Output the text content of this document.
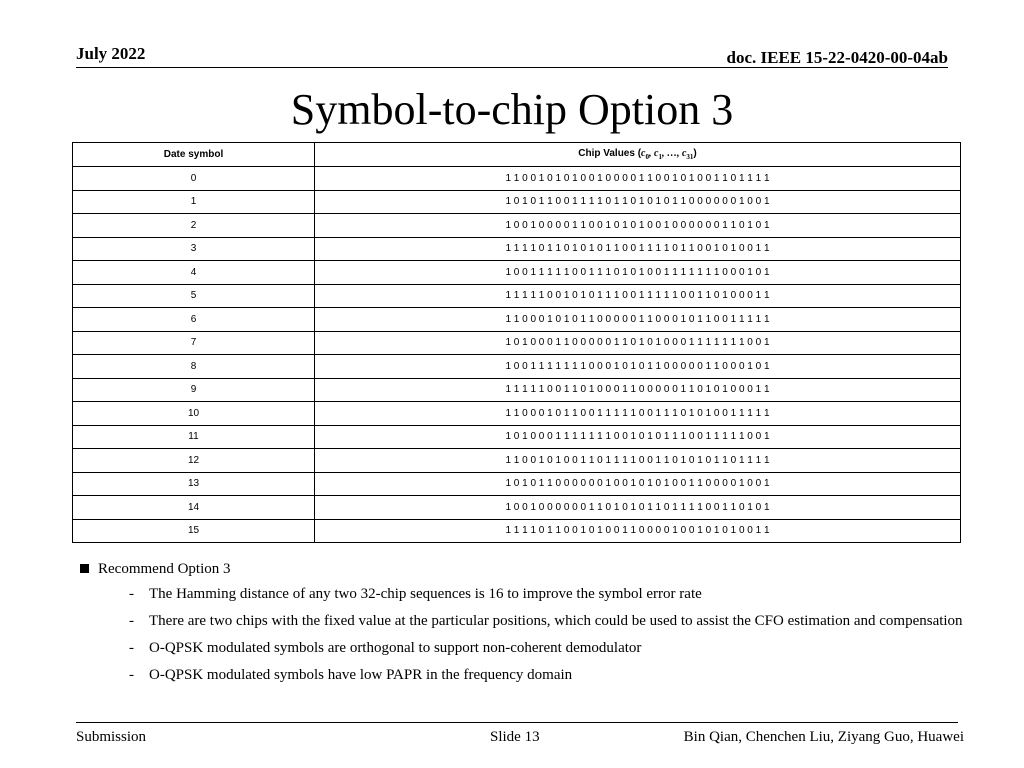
July 2022	doc. IEEE 15-22-0420-00-04ab
Symbol-to-chip Option 3
Date symbol	Chip Values ($c_0$, $c_1$, …, $c_{31}$)
0	1 1 0 0 1 0 1 0 1 0 0 1 0 0 0 0 1 1 0 0 1 0 1 0 0 1 1 0 1 1 1 1
1	1 0 1 0 1 1 0 0 1 1 1 1 0 1 1 0 1 0 1 0 1 1 0 0 0 0 0 0 1 0 0 1
2	1 0 0 1 0 0 0 0 1 1 0 0 1 0 1 0 1 0 0 1 0 0 0 0 0 0 1 1 0 1 0 1
3	1 1 1 1 0 1 1 0 1 0 1 0 1 1 0 0 1 1 1 1 0 1 1 0 0 1 0 1 0 0 1 1
4	1 0 0 1 1 1 1 1 0 0 1 1 1 0 1 0 1 0 0 1 1 1 1 1 1 1 0 0 0 1 0 1
5	1 1 1 1 1 0 0 1 0 1 0 1 1 1 0 0 1 1 1 1 1 0 0 1 1 0 1 0 0 0 1 1
6	1 1 0 0 0 1 0 1 0 1 1 0 0 0 0 0 1 1 0 0 0 1 0 1 1 0 0 1 1 1 1 1
7	1 0 1 0 0 0 1 1 0 0 0 0 0 1 1 0 1 0 1 0 0 0 1 1 1 1 1 1 1 0 0 1
8	1 0 0 1 1 1 1 1 1 1 0 0 0 1 0 1 0 1 1 0 0 0 0 0 1 1 0 0 0 1 0 1
9	1 1 1 1 1 0 0 1 1 0 1 0 0 0 1 1 0 0 0 0 0 1 1 0 1 0 1 0 0 0 1 1
10	1 1 0 0 0 1 0 1 1 0 0 1 1 1 1 1 0 0 1 1 1 0 1 0 1 0 0 1 1 1 1 1
11	1 0 1 0 0 0 1 1 1 1 1 1 1 0 0 1 0 1 0 1 1 1 0 0 1 1 1 1 1 0 0 1
12	1 1 0 0 1 0 1 0 0 1 1 0 1 1 1 1 0 0 1 1 0 1 0 1 0 1 1 0 1 1 1 1
13	1 0 1 0 1 1 0 0 0 0 0 0 1 0 0 1 0 1 0 1 0 0 1 1 0 0 0 0 1 0 0 1
14	1 0 0 1 0 0 0 0 0 0 1 1 0 1 0 1 0 1 1 0 1 1 1 1 0 0 1 1 0 1 0 1
15	1 1 1 1 0 1 1 0 0 1 0 1 0 0 1 1 0 0 0 0 1 0 0 1 0 1 0 1 0 0 1 1
Recommend Option 3
- The Hamming distance of any two 32-chip sequences is 16 to improve the symbol error rate
- There are two chips with the fixed value at the particular positions, which could be used to assist the CFO estimation and compensation
- O-QPSK modulated symbols are orthogonal to support non-coherent demodulator
- O-QPSK modulated symbols have low PAPR in the frequency domain
Submission	Slide 13	Bin Qian, Chenchen Liu, Ziyang Guo, Huawei
